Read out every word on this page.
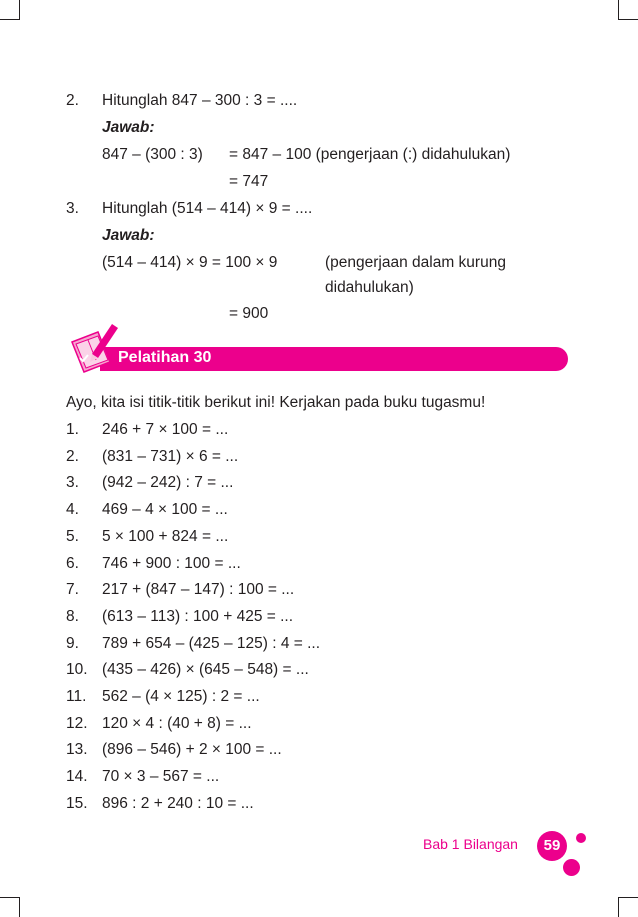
2. Hitunglah 847 – 300 : 3 = ....
Jawab:
847 – (300 : 3) = 847 – 100 (pengerjaan (:) didahulukan)
= 747
3. Hitunglah (514 – 414) × 9 = ....
Jawab:
(514 – 414) × 9 = 100 × 9	(pengerjaan dalam kurung
didahulukan)
= 900
Pelatihan 30
Ayo, kita isi titik-titik berikut ini! Kerjakan pada buku tugasmu!
1. 246 + 7 × 100 = ...
2. (831 – 731) × 6 = ...
3. (942 – 242) : 7 = ...
4. 469 – 4 × 100 = ...
5. 5 × 100 + 824 = ...
6. 746 + 900 : 100 = ...
7. 217 + (847 – 147) : 100 = ...
8. (613 – 113) : 100 + 425 = ...
9. 789 + 654 – (425 – 125) : 4 = ...
10. (435 – 426) × (645 – 548) = ...
11. 562 – (4 × 125) : 2 = ...
12. 120 × 4 : (40 + 8) = ...
13. (896 – 546) + 2 × 100 = ...
14. 70 × 3 – 567 = ...
15. 896 : 2 + 240 : 10 = ...
Bab 1 Bilangan	59
